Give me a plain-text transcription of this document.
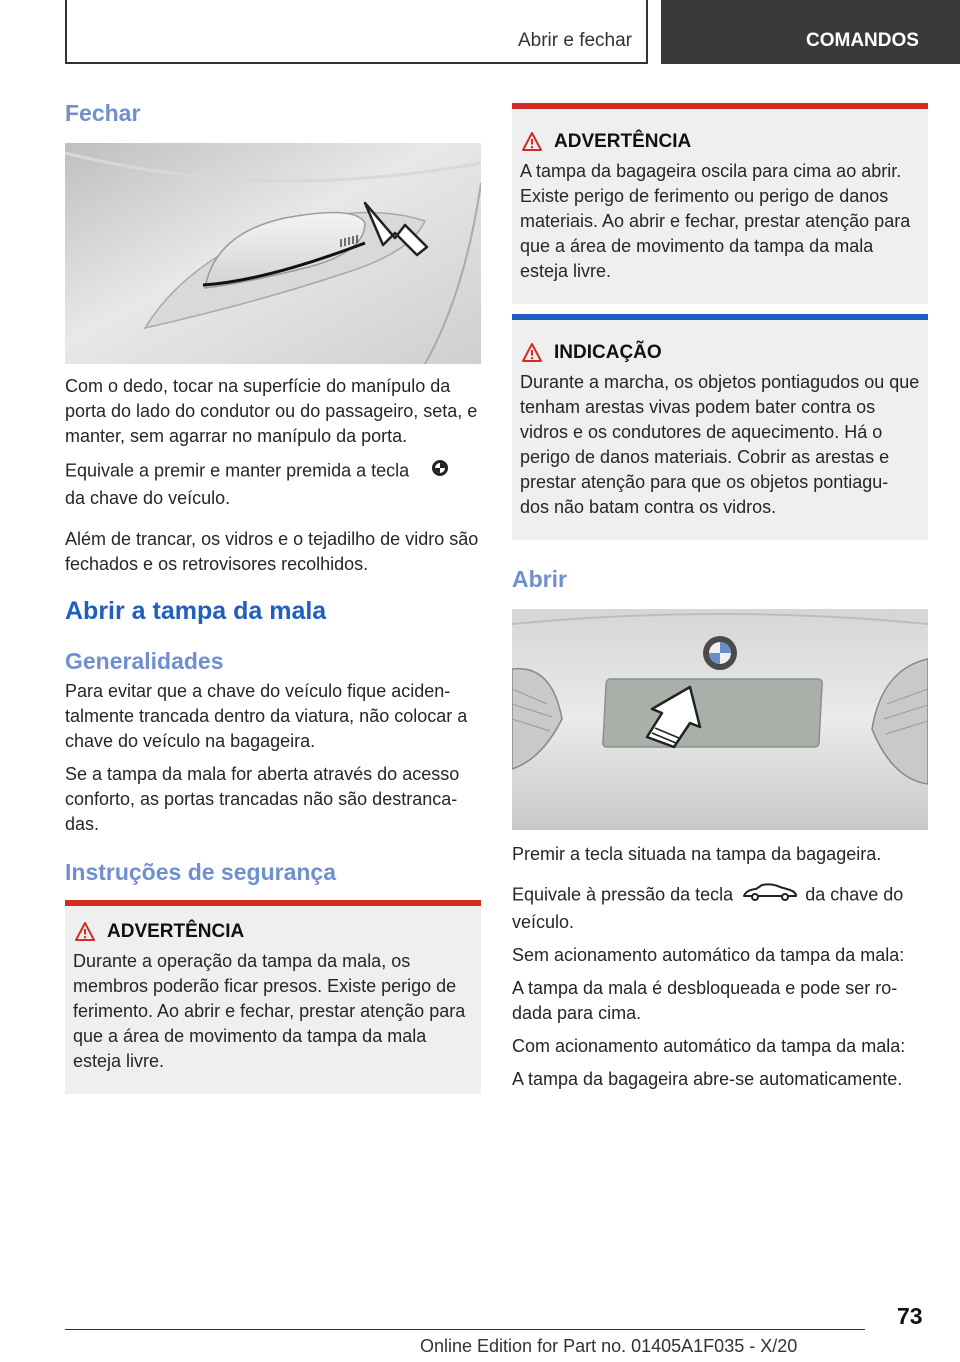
Abrir e fechar	COMANDOS
Fechar

Com o dedo, tocar na superfície do manípulo da porta do lado do condutor ou do passageiro, seta, e manter, sem agarrar no manípulo da porta.

Equivale a premir e manter premida a tecla
da chave do veículo.

Além de trancar, os vidros e o tejadilho de vidro são fechados e os retrovisores recolhidos.

Abrir a tampa da mala
Generalidades

Para evitar que a chave do veículo fique aciden- talmente trancada dentro da viatura, não colocar a chave do veículo na bagageira.

Se a tampa da mala for aberta através do acesso conforto, as portas trancadas não são destranca- das.

Instruções de segurança
ADVERTÊNCIA

Durante a operação da tampa da mala, os membros poderão ficar presos. Existe perigo de ferimento. Ao abrir e fechar, prestar atenção para que a área de movimento da tampa da mala esteja livre.

ADVERTÊNCIA

A tampa da bagageira oscila para cima ao abrir. Existe perigo de ferimento ou perigo de danos materiais. Ao abrir e fechar, prestar atenção para que a área de movimento da tampa da mala esteja livre.

INDICAÇÃO

Durante a marcha, os objetos pontiagudos ou que tenham arestas vivas podem bater contra os vidros e os condutores de aquecimento. Há o perigo de danos materiais. Cobrir as arestas e prestar atenção para que os objetos pontiagu- dos não batam contra os vidros.

Abrir

Premir a tecla situada na tampa da bagageira.

Equivale à pressão da tecla	da chave do veículo.

Sem acionamento automático da tampa da mala:

A tampa da mala é desbloqueada e pode ser ro- dada para cima.

Com acionamento automático da tampa da mala:

A tampa da bagageira abre-se automaticamente.

73
Online Edition for Part no. 01405A1F035 - X/20
